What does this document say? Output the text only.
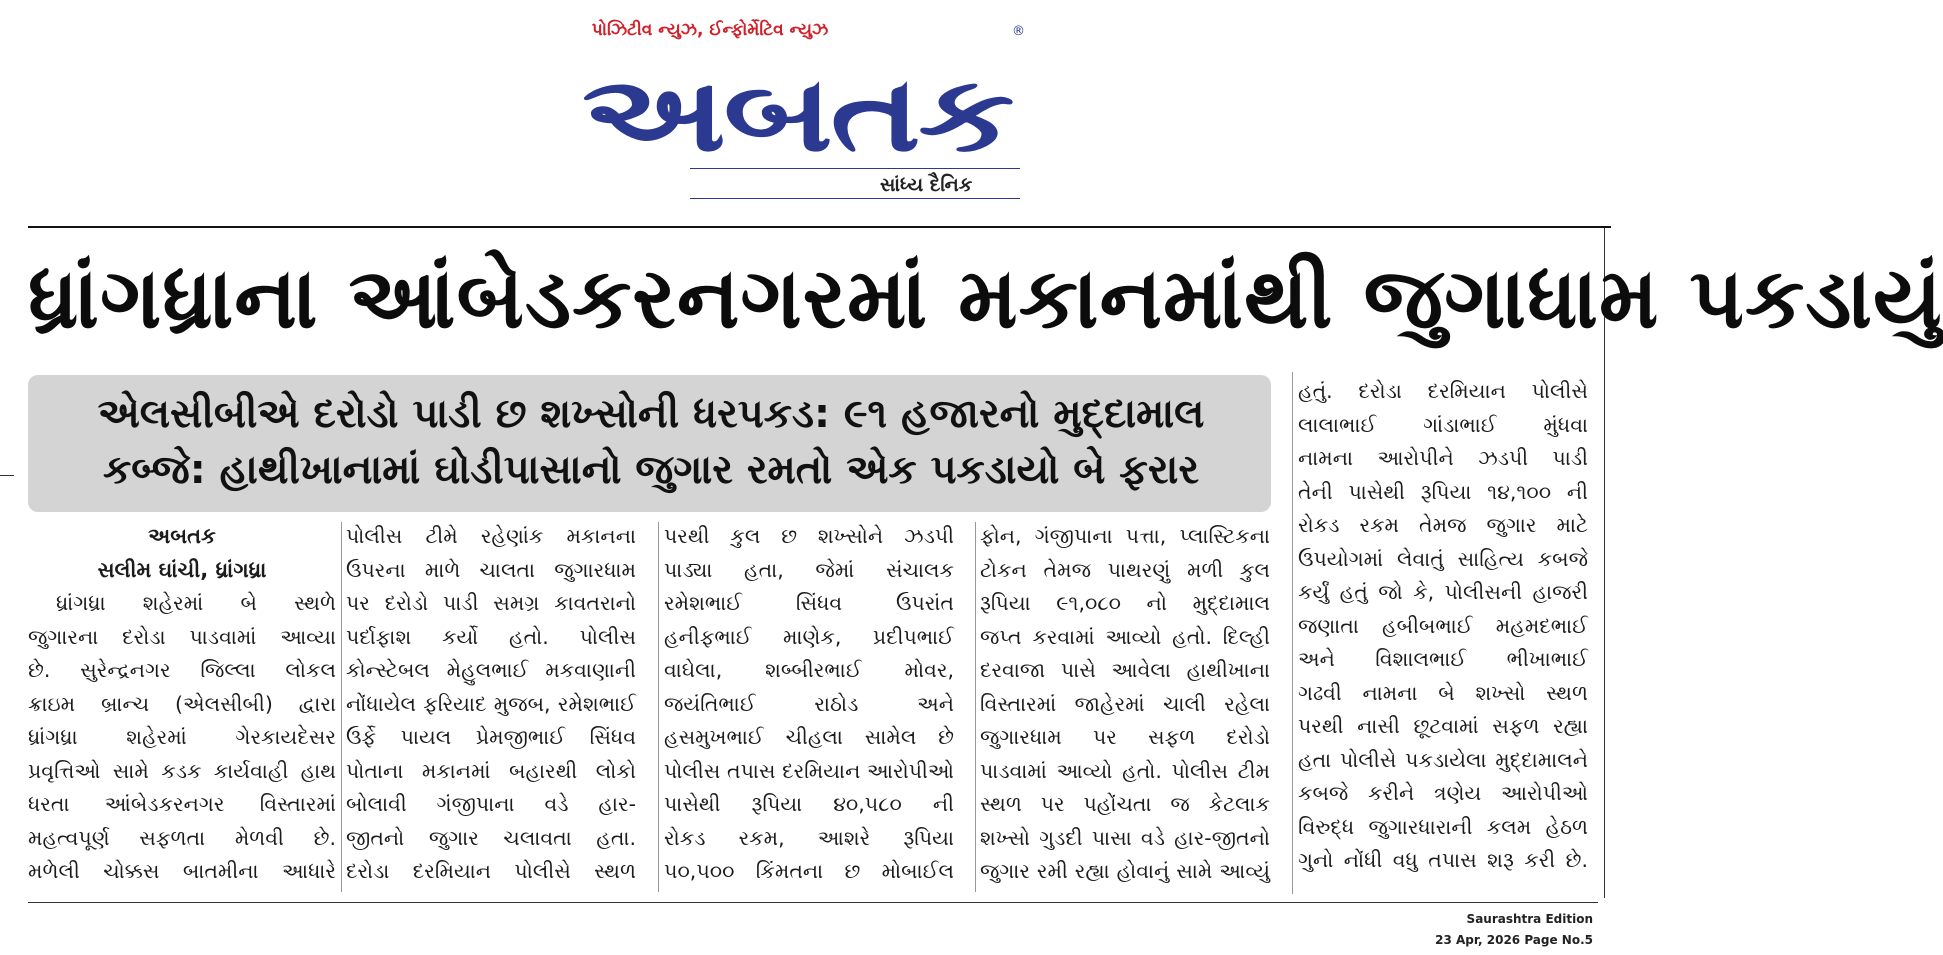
પોઝિટીવ ન્યુઝ, ઈન્ફોર્મેટિવ ન્યુઝ
અબતક
®
સાંધ્ય દૈનિક
ધ્રાંગધ્રાના આંબેડકરનગરમાં મકાનમાંથી જુગાધામ પકડાયું
એલસીબીએ દરોડો પાડી છ શખ્સોની ધરપકડ: ૯૧ હજારનો મુદ્દામાલ
કબ્જે: હાથીખાનામાં ઘોડીપાસાનો જુગાર રમતો એક પકડાયો બે ફરાર

અબતક

સલીમ ઘાંચી, ધ્રાંગધ્રા

ધ્રાંગધ્રા શહેરમાં બે સ્થળે

જુગારના દરોડા પાડવામાં આવ્યા

છે. સુરેન્દ્રનગર જિલ્લા લોકલ

ક્રાઇમ બ્રાન્ચ (એલસીબી) દ્વારા

ધ્રાંગધ્રા શહેરમાં ગેરકાયદેસર

પ્રવૃત્તિઓ સામે કડક કાર્યવાહી હાથ

ધરતા આંબેડકરનગર વિસ્તારમાં

મહત્વપૂર્ણ સફળતા મેળવી છે.

મળેલી ચોક્કસ બાતમીના આધારે

પોલીસ ટીમે રહેણાંક મકાનના

ઉપરના માળે ચાલતા જુગારધામ

પર દરોડો પાડી સમગ્ર કાવતરાનો

પર્દાફાશ કર્યો હતો. પોલીસ

કોન્સ્ટેબલ મેહુલભાઈ મકવાણાની

નોંધાયેલ ફરિયાદ મુજબ, રમેશભાઈ

ઉર્ફે પાયલ પ્રેમજીભાઈ સિંધવ

પોતાના મકાનમાં બહારથી લોકો

બોલાવી ગંજીપાના વડે હાર-

જીતનો જુગાર ચલાવતા હતા.

દરોડા દરમિયાન પોલીસે સ્થળ

પરથી કુલ છ શખ્સોને ઝડપી

પાડ્યા હતા, જેમાં સંચાલક

રમેશભાઈ સિંધવ ઉપરાંત

હનીફભાઈ માણેક, પ્રદીપભાઈ

વાઘેલા, શબ્બીરભાઈ મોવર,

જયંતિભાઈ રાઠોડ અને

હસમુખભાઈ ચીહલા સામેલ છે

પોલીસ તપાસ દરમિયાન આરોપીઓ

પાસેથી રૂપિયા ૪૦,૫૮૦ ની

રોકડ રકમ, આશરે રૂપિયા

૫૦,૫૦૦ કિંમતના છ મોબાઈલ

ફોન, ગંજીપાના પત્તા, પ્લાસ્ટિકના

ટોકન તેમજ પાથરણું મળી કુલ

રૂપિયા ૯૧,૦૮૦ નો મુદ્દામાલ

જપ્ત કરવામાં આવ્યો હતો. દિલ્હી

દરવાજા પાસે આવેલા હાથીખાના

વિસ્તારમાં જાહેરમાં ચાલી રહેલા

જુગારધામ પર સફળ દરોડો

પાડવામાં આવ્યો હતો. પોલીસ ટીમ

સ્થળ પર પહોંચતા જ કેટલાક

શખ્સો ગુડદી પાસા વડે હાર-જીતનો

જુગાર રમી રહ્યા હોવાનું સામે આવ્યું

હતું. દરોડા દરમિયાન પોલીસે

લાલાભાઈ ગાંડાભાઈ મુંધવા

નામના આરોપીને ઝડપી પાડી

તેની પાસેથી રૂપિયા ૧૪,૧૦૦ ની

રોકડ રકમ તેમજ જુગાર માટે

ઉપયોગમાં લેવાતું સાહિત્ય કબજે

કર્યું હતું જો કે, પોલીસની હાજરી

જણાતા હબીબભાઈ મહમદભાઈ

અને વિશાલભાઈ ભીખાભાઈ

ગઢવી નામના બે શખ્સો સ્થળ

પરથી નાસી છૂટવામાં સફળ રહ્યા

હતા પોલીસે પકડાયેલા મુદ્દામાલને

કબજે કરીને ત્રણેય આરોપીઓ

વિરુદ્ધ જુગારધારાની કલમ હેઠળ

ગુનો નોંધી વધુ તપાસ શરૂ કરી છે.

Saurashtra Edition
23 Apr, 2026 Page No.5
